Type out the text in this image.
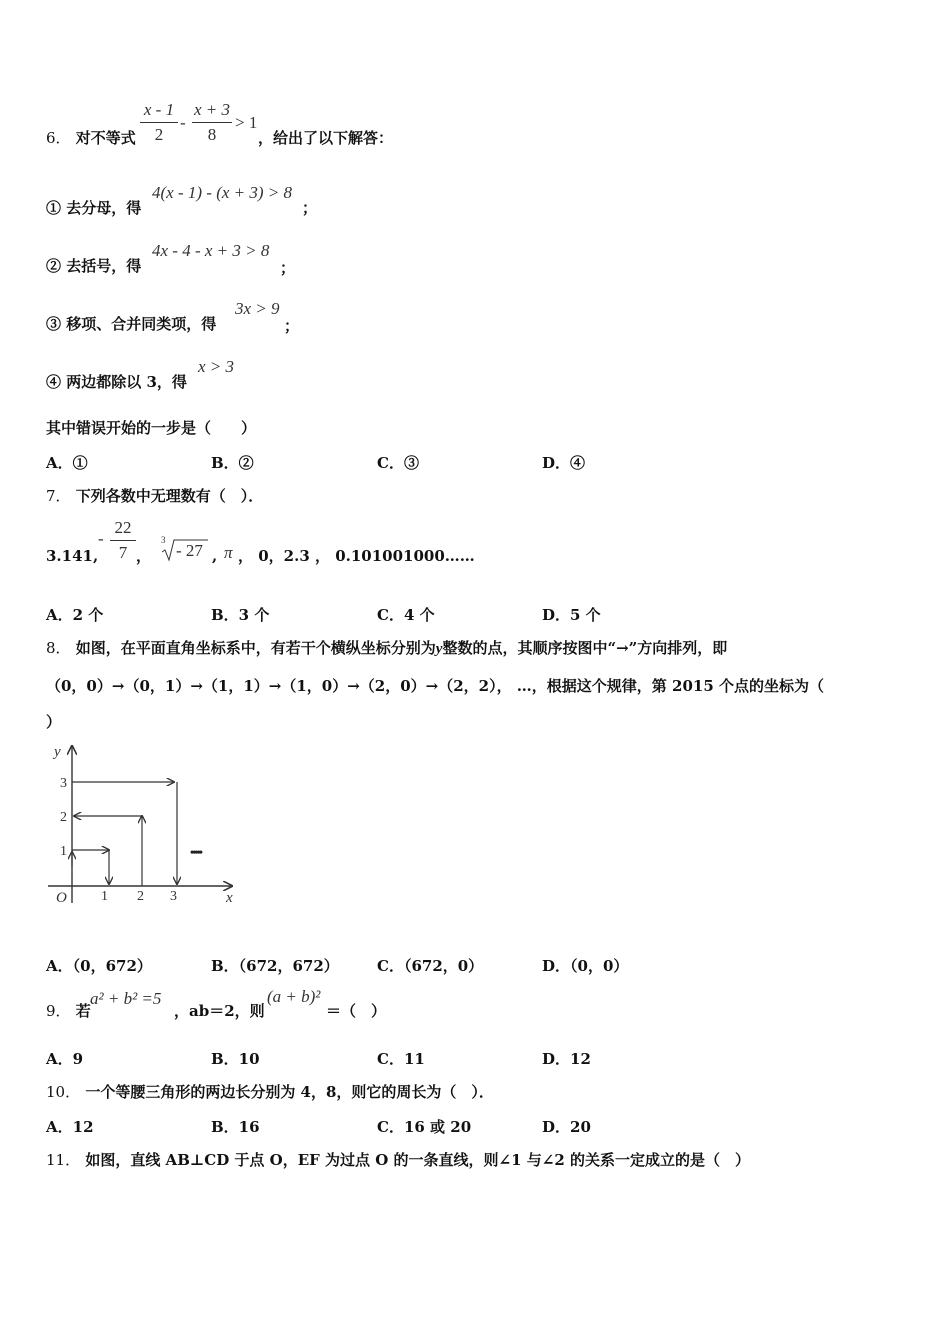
6． 对不等式
x - 1
2
-
x + 3
8
> 1
，给出了以下解答：
① 去分母，得
4(x - 1) - (x + 3) > 8
；
② 去括号，得
4x - 4 - x + 3 > 8
；
③ 移项、合并同类项，得
3x > 9
；
④ 两边都除以 3，得
x > 3
其中错误开始的一步是（　　）
A．①	B．②	C．③	D．④
7． 下列各数中无理数有（　）．
3.141,
-
22
7 ，
3
- 27 , π ， 0，2.3 ， 0.101001000……
A．2 个	B．3 个	C．4 个	D．5 个
8． 如图，在平面直角坐标系中，有若干个横纵坐标分别为y整数的点，其顺序按图中“→”方向排列，即
（0，0）→（0，1）→（1，1）→（1，0）→（2，0）→（2，2）， …，根据这个规律，第 2015 个点的坐标为（
）
y
x
O
3
2
1
1 2 3
•••••
A．（0，672）	B．（672，672）	C．（672，0）	D．（0，0）
9． 若
a² + b² =5
，ab＝2，则
(a + b)²
＝（　）
A．9	B．10	C．11	D．12
10． 一个等腰三角形的两边长分别为 4，8，则它的周长为（　）．
A．12	B．16	C．16 或 20	D．20
11． 如图，直线 AB⊥CD 于点 O，EF 为过点 O 的一条直线，则∠1 与∠2 的关系一定成立的是（　）
